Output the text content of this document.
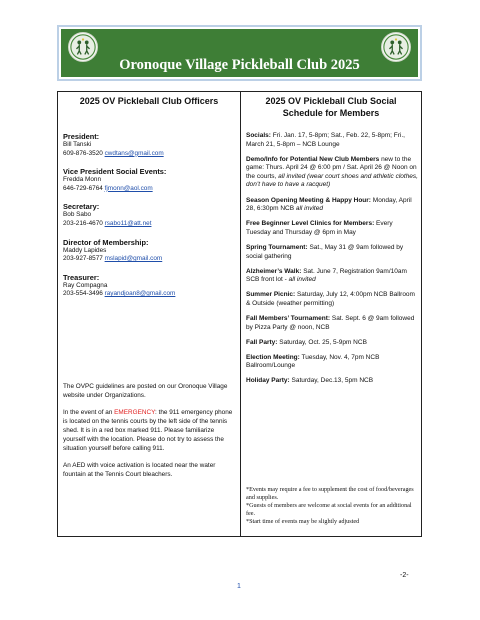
Oronoque Village Pickleball Club 2025
2025 OV Pickleball Club Officers
President:
Bill Tanski
609-876-3520 cwdtans@gmail.com
Vice President Social Events:
Fredda Monn
646-729-6764 fjmonn@aol.com
Secretary:
Bob Sabo
203-216-4670 rsabo11@att.net
Director of Membership:
Maddy Lapides
203-927-8577 mslapid@gmail.com
Treasurer:
Ray Compagna
203-554-3496 rayandjoan8@gmail.com

The OVPC guidelines are posted on our Oronoque Village website under Organizations.

In the event of an EMERGENCY: the 911 emergency phone is located on the tennis courts by the left side of the tennis shed. It is in a red box marked 911. Please familiarize yourself with the location. Please do not try to assess the situation yourself before calling 911.

An AED with voice activation is located near the water fountain at the Tennis Court bleachers.

2025 OV Pickleball Club Social
Schedule for Members
Socials: Fri. Jan. 17, 5-8pm; Sat., Feb. 22, 5-8pm; Fri., March 21, 5-8pm – NCB Lounge
Demo/Info for Potential New Club Members new to the game: Thurs. April 24 @ 6:00 pm / Sat. April 26 @ Noon on the courts, all invited (wear court shoes and athletic clothes, don’t have to have a racquet)
Season Opening Meeting & Happy Hour: Monday, April 28, 6:30pm NCB all invited
Free Beginner Level Clinics for Members: Every Tuesday and Thursday @ 6pm in May
Spring Tournament: Sat., May 31 @ 9am followed by social gathering
Alzheimer’s Walk: Sat. June 7, Registration 9am/10am SCB front lot - all invited
Summer Picnic: Saturday, July 12, 4:00pm NCB Ballroom & Outside (weather permitting)
Fall Members’ Tournament: Sat. Sept. 6 @ 9am followed by Pizza Party @ noon, NCB
Fall Party: Saturday, Oct. 25, 5-9pm NCB
Election Meeting: Tuesday, Nov. 4, 7pm NCB Ballroom/Lounge
Holiday Party: Saturday, Dec.13, 5pm NCB
*Events may require a fee to supplement the cost of food/beverages and supplies.
*Guests of members are welcome at social events for an additional fee.
*Start time of events may be slightly adjusted
-2-
1
